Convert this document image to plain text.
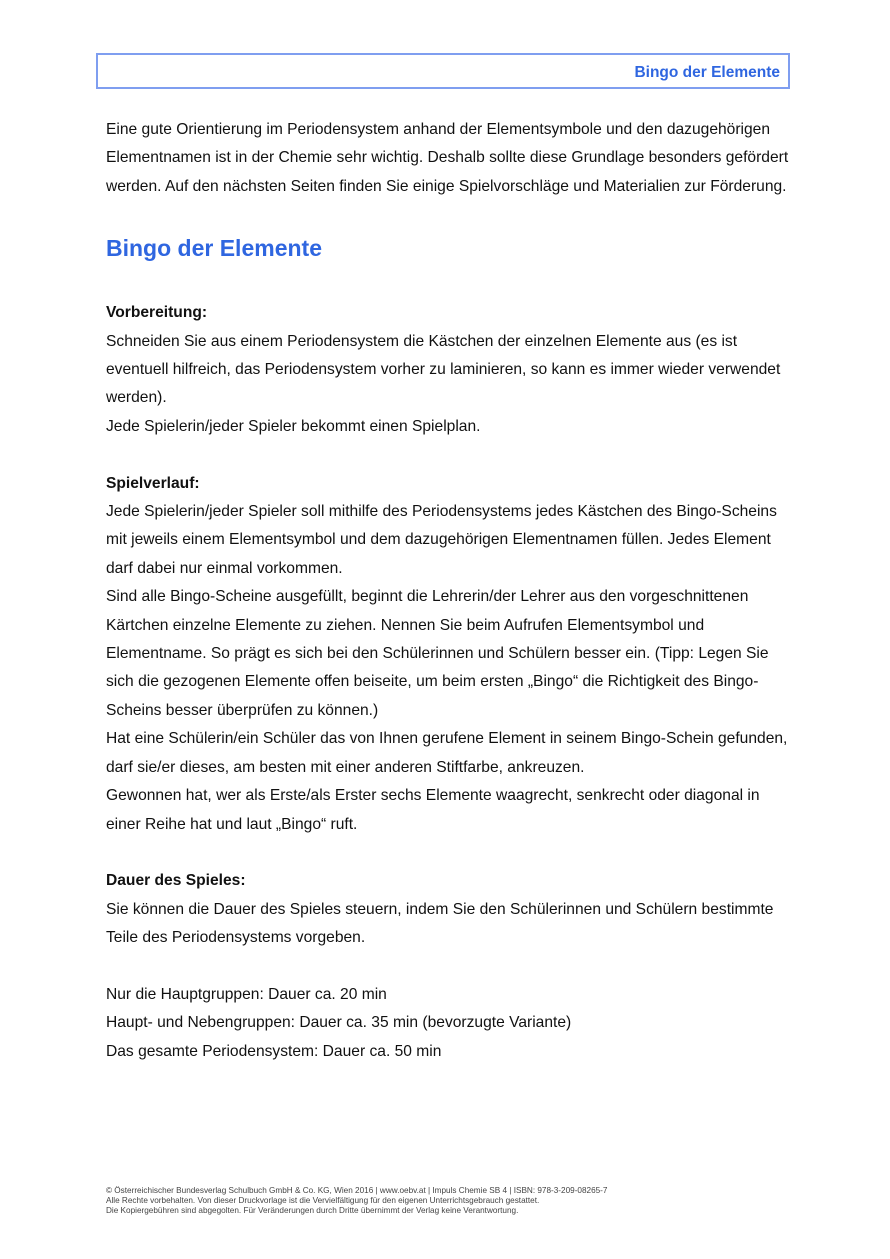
Bingo der Elemente

Eine gute Orientierung im Periodensystem anhand der Elementsymbole und den dazugehörigen Elementnamen ist in der Chemie sehr wichtig. Deshalb sollte diese Grundlage besonders gefördert werden. Auf den nächsten Seiten finden Sie einige Spielvorschläge und Materialien zur Förderung.

Bingo der Elemente

Vorbereitung:

Schneiden Sie aus einem Periodensystem die Kästchen der einzelnen Elemente aus (es ist eventuell hilfreich, das Periodensystem vorher zu laminieren, so kann es immer wieder verwendet werden).

Jede Spielerin/jeder Spieler bekommt einen Spielplan.

Spielverlauf:

Jede Spielerin/jeder Spieler soll mithilfe des Periodensystems jedes Kästchen des Bingo-Scheins mit jeweils einem Elementsymbol und dem dazugehörigen Elementnamen füllen. Jedes Element darf dabei nur einmal vorkommen.

Sind alle Bingo-Scheine ausgefüllt, beginnt die Lehrerin/der Lehrer aus den vorgeschnittenen Kärtchen einzelne Elemente zu ziehen. Nennen Sie beim Aufrufen Elementsymbol und Elementname. So prägt es sich bei den Schülerinnen und Schülern besser ein. (Tipp: Legen Sie sich die gezogenen Elemente offen beiseite, um beim ersten „Bingo“ die Richtigkeit des Bingo-Scheins besser überprüfen zu können.)

Hat eine Schülerin/ein Schüler das von Ihnen gerufene Element in seinem Bingo-Schein gefunden, darf sie/er dieses, am besten mit einer anderen Stiftfarbe, ankreuzen.

Gewonnen hat, wer als Erste/als Erster sechs Elemente waagrecht, senkrecht oder diagonal in einer Reihe hat und laut „Bingo“ ruft.

Dauer des Spieles:

Sie können die Dauer des Spieles steuern, indem Sie den Schülerinnen und Schülern bestimmte Teile des Periodensystems vorgeben.

Nur die Hauptgruppen: Dauer ca. 20 min

Haupt- und Nebengruppen: Dauer ca. 35 min (bevorzugte Variante)

Das gesamte Periodensystem: Dauer ca. 50 min

© Österreichischer Bundesverlag Schulbuch GmbH & Co. KG, Wien 2016 | www.oebv.at | Impuls Chemie SB 4 | ISBN: 978-3-209-08265-7

Alle Rechte vorbehalten. Von dieser Druckvorlage ist die Vervielfältigung für den eigenen Unterrichtsgebrauch gestattet.

Die Kopiergebühren sind abgegolten. Für Veränderungen durch Dritte übernimmt der Verlag keine Verantwortung.
